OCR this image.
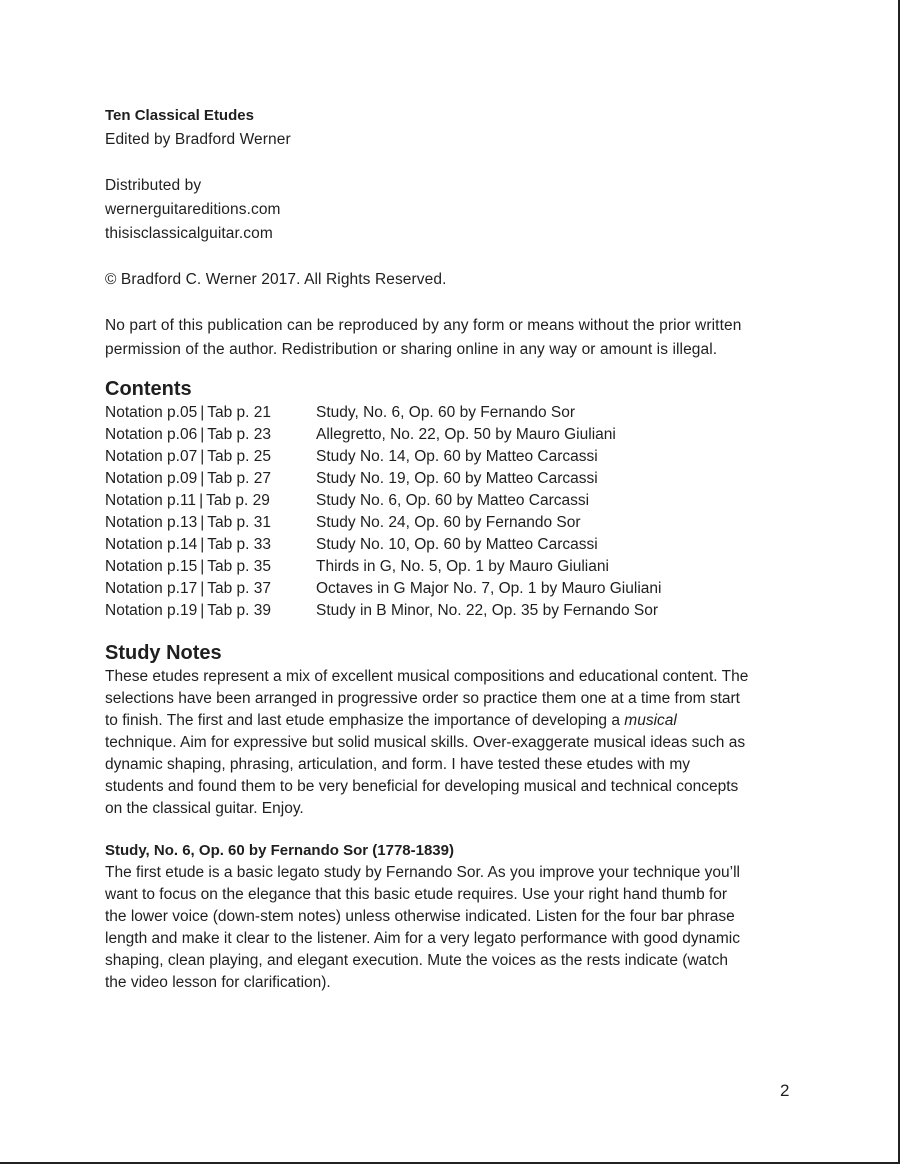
Ten Classical Etudes

Edited by Bradford Werner

Distributed by

wernerguitareditions.com

thisisclassicalguitar.com

© Bradford C. Werner 2017. All Rights Reserved.

No part of this publication can be reproduced by any form or means without the prior written

permission of the author. Redistribution or sharing online in any way or amount is illegal.

Contents
Notation p.05 | Tab p. 21	Study, No. 6, Op. 60 by Fernando Sor
Notation p.06 | Tab p. 23	Allegretto, No. 22, Op. 50 by Mauro Giuliani
Notation p.07 | Tab p. 25	Study No. 14, Op. 60 by Matteo Carcassi
Notation p.09 | Tab p. 27	Study No. 19, Op. 60 by Matteo Carcassi
Notation p.11 | Tab p. 29	Study No. 6, Op. 60 by Matteo Carcassi
Notation p.13 | Tab p. 31	Study No. 24, Op. 60 by Fernando Sor
Notation p.14 | Tab p. 33	Study No. 10, Op. 60 by Matteo Carcassi
Notation p.15 | Tab p. 35	Thirds in G, No. 5, Op. 1 by Mauro Giuliani
Notation p.17 | Tab p. 37	Octaves in G Major No. 7, Op. 1 by Mauro Giuliani
Notation p.19 | Tab p. 39	Study in B Minor, No. 22, Op. 35 by Fernando Sor
Study Notes

These etudes represent a mix of excellent musical compositions and educational content. The

selections have been arranged in progressive order so practice them one at a time from start

to finish. The first and last etude emphasize the importance of developing a musical

technique. Aim for expressive but solid musical skills. Over-exaggerate musical ideas such as

dynamic shaping, phrasing, articulation, and form. I have tested these etudes with my

students and found them to be very beneficial for developing musical and technical concepts

on the classical guitar. Enjoy.

Study, No. 6, Op. 60 by Fernando Sor (1778-1839)

The first etude is a basic legato study by Fernando Sor. As you improve your technique you’ll

want to focus on the elegance that this basic etude requires. Use your right hand thumb for

the lower voice (down-stem notes) unless otherwise indicated. Listen for the four bar phrase

length and make it clear to the listener. Aim for a very legato performance with good dynamic

shaping, clean playing, and elegant execution. Mute the voices as the rests indicate (watch

the video lesson for clarification).

2
